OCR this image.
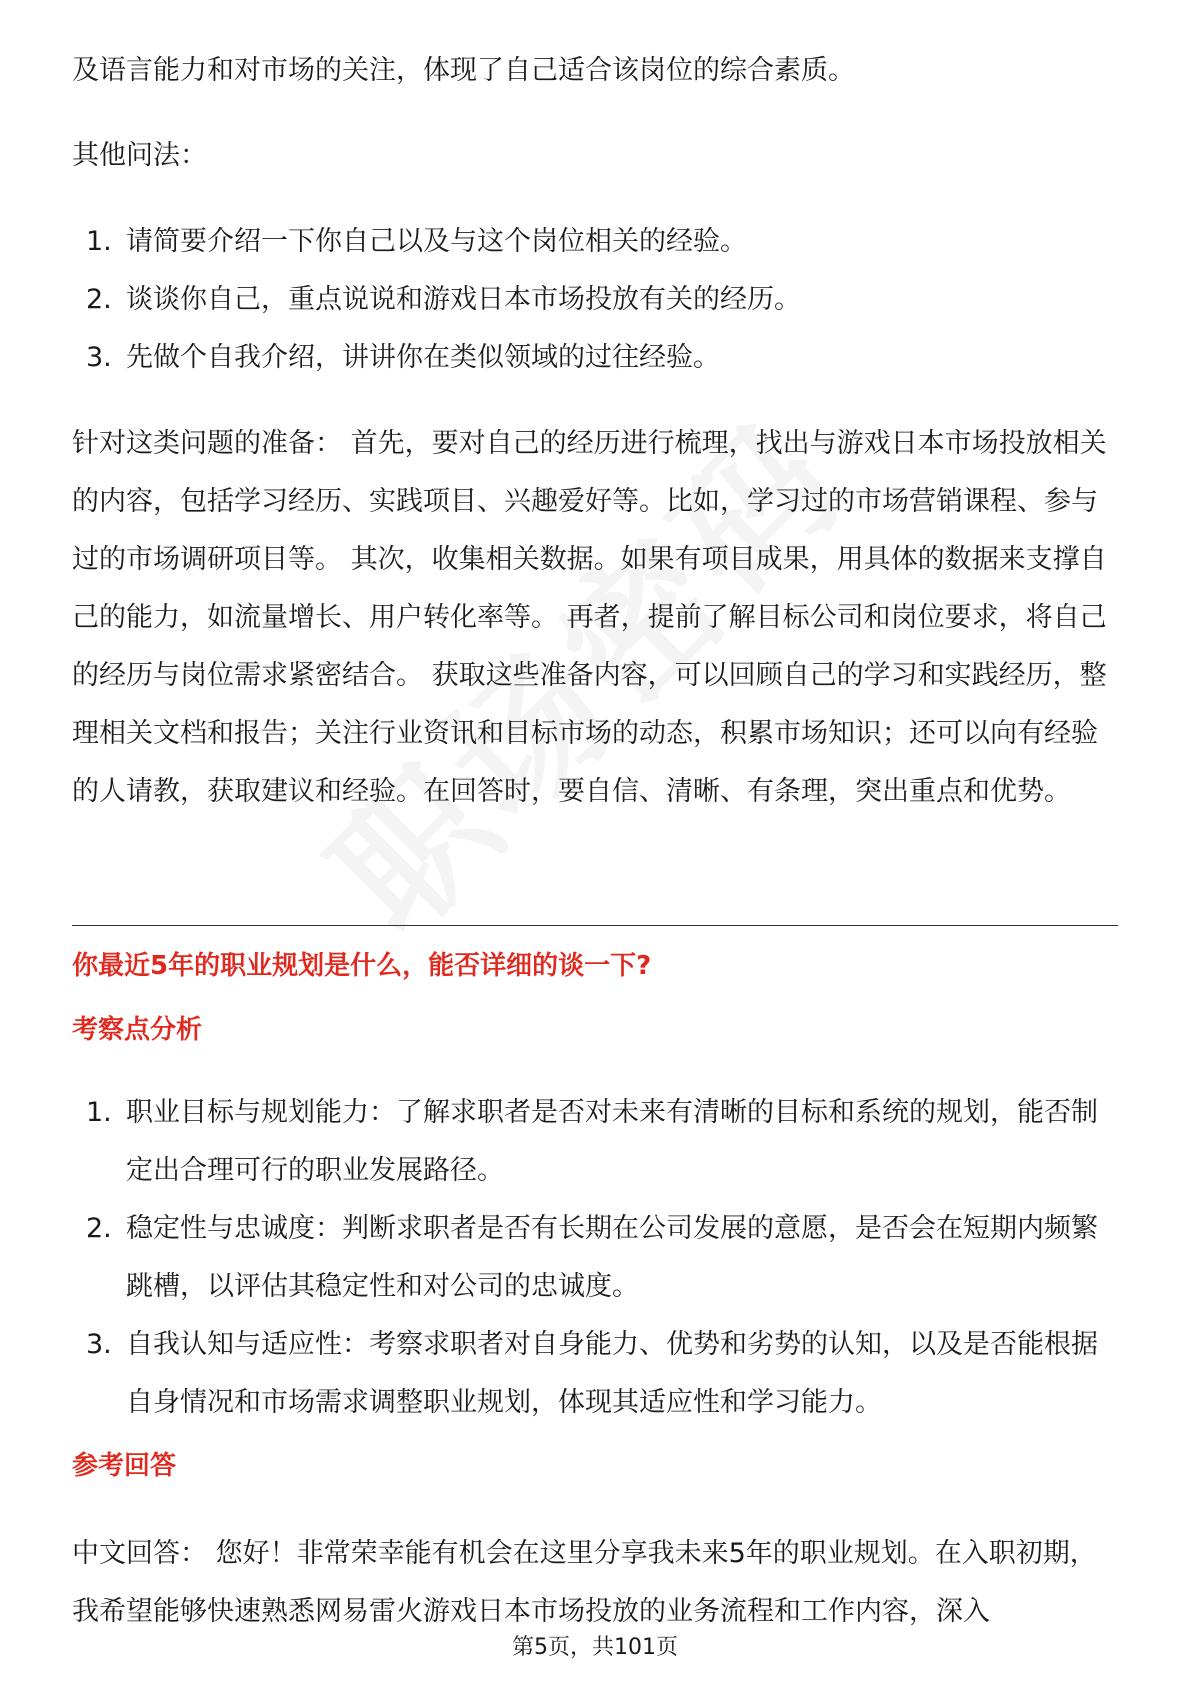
及语言能力和对市场的关注，体现了自己适合该岗位的综合素质。

其他问法：

1. 请简要介绍一下你自己以及与这个岗位相关的经验。
2. 谈谈你自己，重点说说和游戏日本市场投放有关的经历。
3. 先做个自我介绍，讲讲你在类似领域的过往经验。

针对这类问题的准备： 首先，要对自己的经历进行梳理，找出与游戏日本市场投放相关的内容，包括学习经历、实践项目、兴趣爱好等。比如，学习过的市场营销课程、参与过的市场调研项目等。 其次，收集相关数据。如果有项目成果，用具体的数据来支撑自己的能力，如流量增长、用户转化率等。 再者，提前了解目标公司和岗位要求，将自己的经历与岗位需求紧密结合。 获取这些准备内容，可以回顾自己的学习和实践经历，整理相关文档和报告；关注行业资讯和目标市场的动态，积累市场知识；还可以向有经验的人请教，获取建议和经验。在回答时，要自信、清晰、有条理，突出重点和优势。

你最近5年的职业规划是什么，能否详细的谈一下?
考察点分析
1. 职业目标与规划能力：了解求职者是否对未来有清晰的目标和系统的规划，能否制定出合理可行的职业发展路径。
2. 稳定性与忠诚度：判断求职者是否有长期在公司发展的意愿，是否会在短期内频繁跳槽，以评估其稳定性和对公司的忠诚度。
3. 自我认知与适应性：考察求职者对自身能力、优势和劣势的认知，以及是否能根据自身情况和市场需求调整职业规划，体现其适应性和学习能力。
参考回答

中文回答： 您好！非常荣幸能有机会在这里分享我未来5年的职业规划。在入职初期，我希望能够快速熟悉网易雷火游戏日本市场投放的业务流程和工作内容，深入

第5页，共101页
